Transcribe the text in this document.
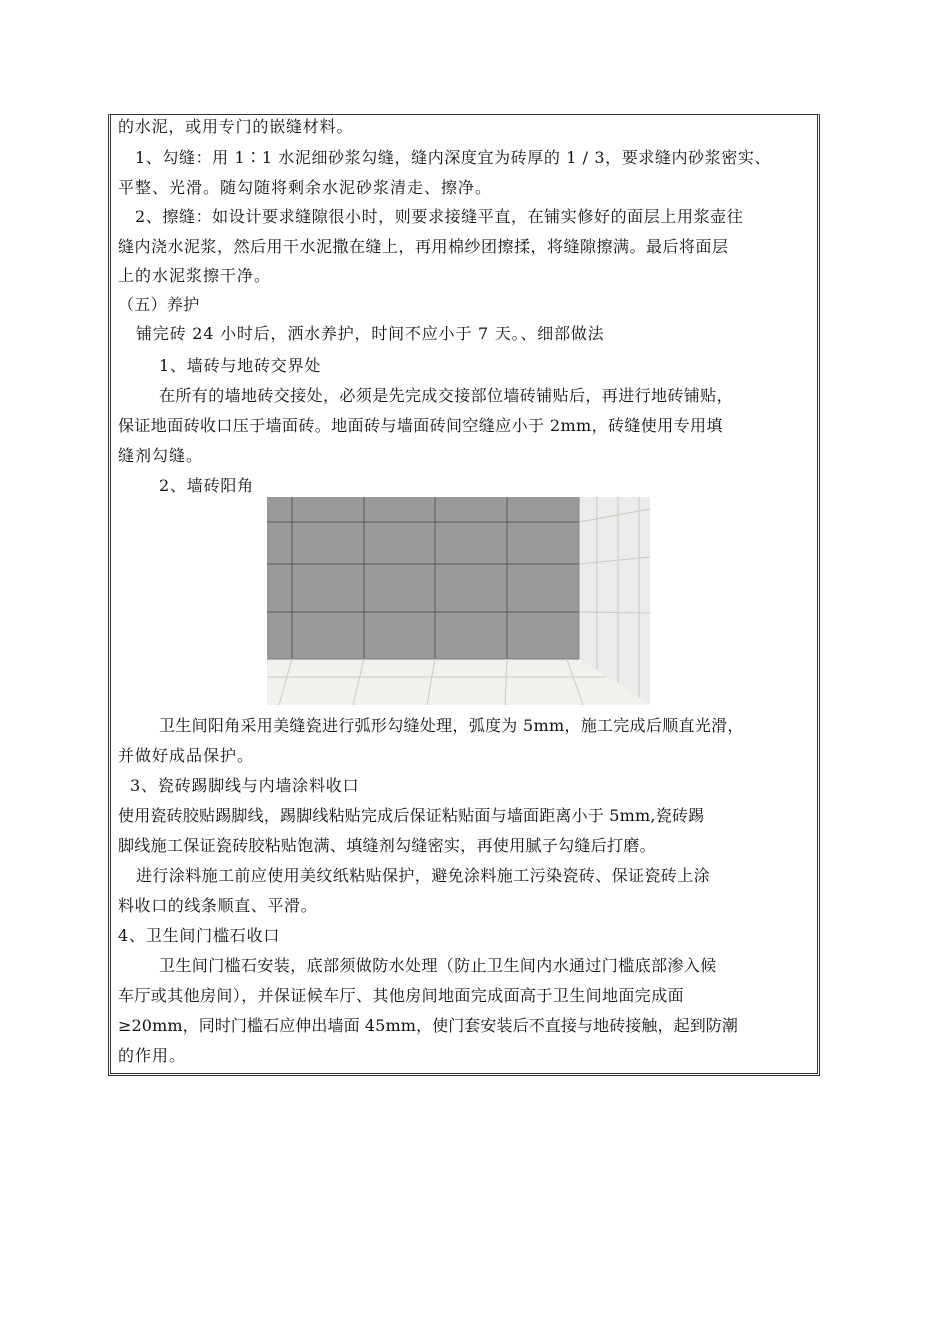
的水泥，或用专门的嵌缝材料。
1、勾缝：用 1∶1 水泥细砂浆勾缝，缝内深度宜为砖厚的 1 / 3，要求缝内砂浆密实、
平整、光滑。随勾随将剩余水泥砂浆清走、擦净。
2、擦缝：如设计要求缝隙很小时，则要求接缝平直，在铺实修好的面层上用浆壶往
缝内浇水泥浆，然后用干水泥撒在缝上，再用棉纱团擦揉，将缝隙擦满。最后将面层
上的水泥浆擦干净。
（五）养护
铺完砖 24 小时后，洒水养护，时间不应小于 7 天。、细部做法
1、墙砖与地砖交界处
在所有的墙地砖交接处，必须是先完成交接部位墙砖铺贴后，再进行地砖铺贴，
保证地面砖收口压于墙面砖。地面砖与墙面砖间空缝应小于 2mm，砖缝使用专用填
缝剂勾缝。
2、墙砖阳角
卫生间阳角采用美缝瓷进行弧形勾缝处理，弧度为 5mm，施工完成后顺直光滑，
并做好成品保护。
3、瓷砖踢脚线与内墙涂料收口
使用瓷砖胶贴踢脚线，踢脚线粘贴完成后保证粘贴面与墙面距离小于 5mm,瓷砖踢
脚线施工保证瓷砖胶粘贴饱满、填缝剂勾缝密实，再使用腻子勾缝后打磨。
进行涂料施工前应使用美纹纸粘贴保护，避免涂料施工污染瓷砖、保证瓷砖上涂
料收口的线条顺直、平滑。
4、卫生间门槛石收口
卫生间门槛石安装，底部须做防水处理（防止卫生间内水通过门槛底部渗入候
车厅或其他房间），并保证候车厅、其他房间地面完成面高于卫生间地面完成面
≥20mm，同时门槛石应伸出墙面 45mm，使门套安装后不直接与地砖接触，起到防潮
的作用。
